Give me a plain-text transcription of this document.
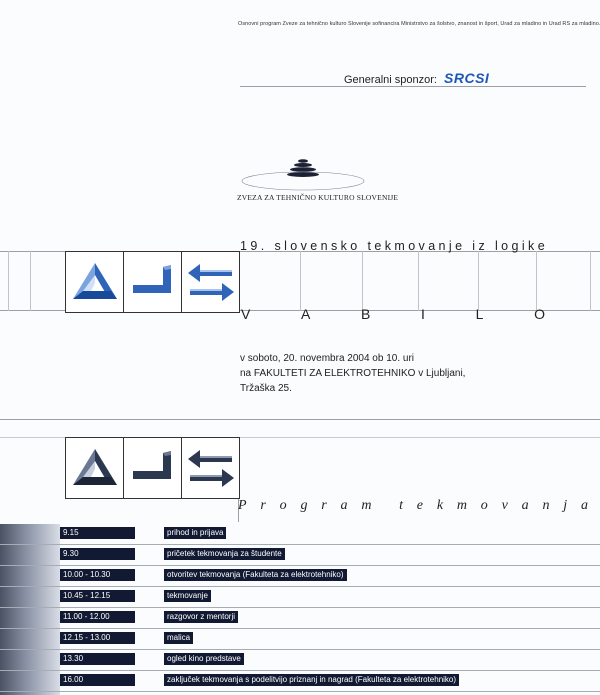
Osnovni program Zveze za tehnično kulturo Slovenije sofinancira Ministrstvo za šolstvo, znanost in šport, Urad za mladino in Urad RS za mladino.
Generalni sponzor: SRCSI
ZVEZA ZA TEHNIČNO KULTURO SLOVENIJE
19. slovensko tekmovanje iz logike
V	A	B	I	L	O
v soboto, 20. novembra 2004 ob 10. uri
na FAKULTETI ZA ELEKTROTEHNIKO v Ljubljani,
Tržaška 25.
P r o g r a m t e k m o v a n j a
9.15	prihod in prijava
9.30	pričetek tekmovanja za študente
10.00 - 10.30	otvoritev tekmovanja (Fakulteta za elektrotehniko)
10.45 - 12.15	tekmovanje
11.00 - 12.00	razgovor z mentorji
12.15 - 13.00	malica
13.30	ogled kino predstave
16.00	zaključek tekmovanja s podelitvijo priznanj in nagrad (Fakulteta za elektrotehniko)
